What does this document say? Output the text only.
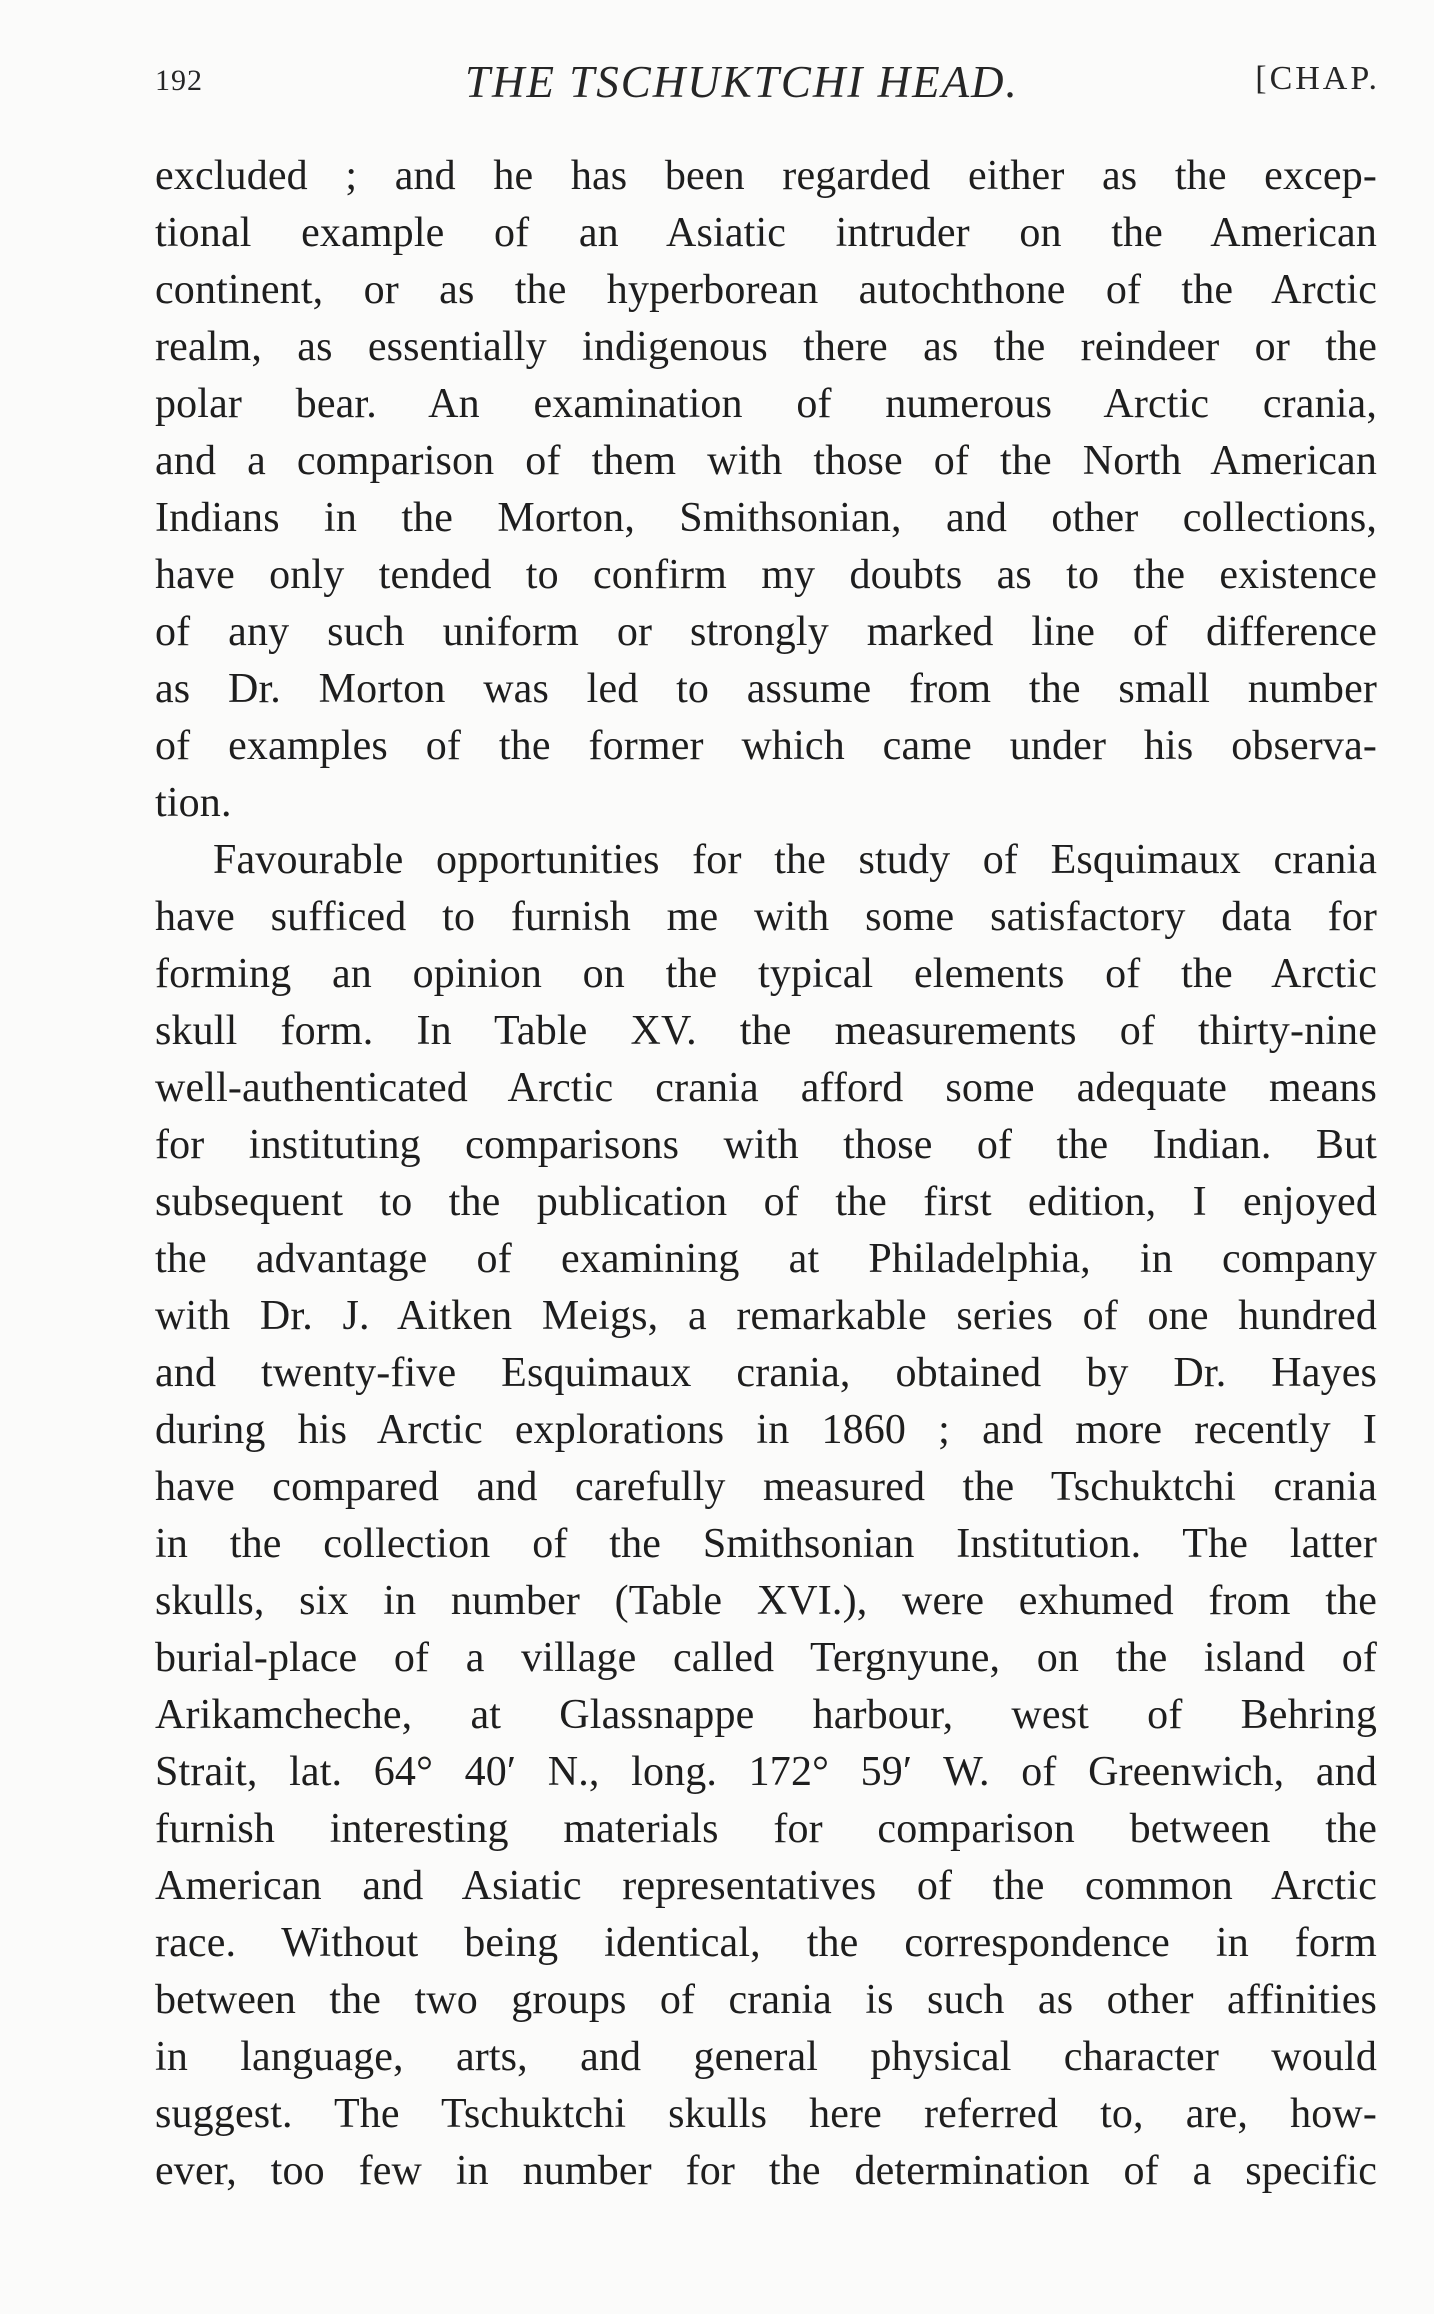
192	THE TSCHUKTCHI HEAD.	[CHAP.
excluded ; and he has been regarded either as the excep-
tional example of an Asiatic intruder on the American
continent, or as the hyperborean autochthone of the Arctic
realm, as essentially indigenous there as the reindeer or the
polar bear. An examination of numerous Arctic crania,
and a comparison of them with those of the North American
Indians in the Morton, Smithsonian, and other collections,
have only tended to confirm my doubts as to the existence
of any such uniform or strongly marked line of difference
as Dr. Morton was led to assume from the small number
of examples of the former which came under his observa-
tion.
Favourable opportunities for the study of Esquimaux crania
have sufficed to furnish me with some satisfactory data for
forming an opinion on the typical elements of the Arctic
skull form. In Table XV. the measurements of thirty-nine
well-authenticated Arctic crania afford some adequate means
for instituting comparisons with those of the Indian. But
subsequent to the publication of the first edition, I enjoyed
the advantage of examining at Philadelphia, in company
with Dr. J. Aitken Meigs, a remarkable series of one hundred
and twenty-five Esquimaux crania, obtained by Dr. Hayes
during his Arctic explorations in 1860 ; and more recently I
have compared and carefully measured the Tschuktchi crania
in the collection of the Smithsonian Institution. The latter
skulls, six in number (Table XVI.), were exhumed from the
burial-place of a village called Tergnyune, on the island of
Arikamcheche, at Glassnappe harbour, west of Behring
Strait, lat. 64° 40′ N., long. 172° 59′ W. of Greenwich, and
furnish interesting materials for comparison between the
American and Asiatic representatives of the common Arctic
race. Without being identical, the correspondence in form
between the two groups of crania is such as other affinities
in language, arts, and general physical character would
suggest. The Tschuktchi skulls here referred to, are, how-
ever, too few in number for the determination of a specific
